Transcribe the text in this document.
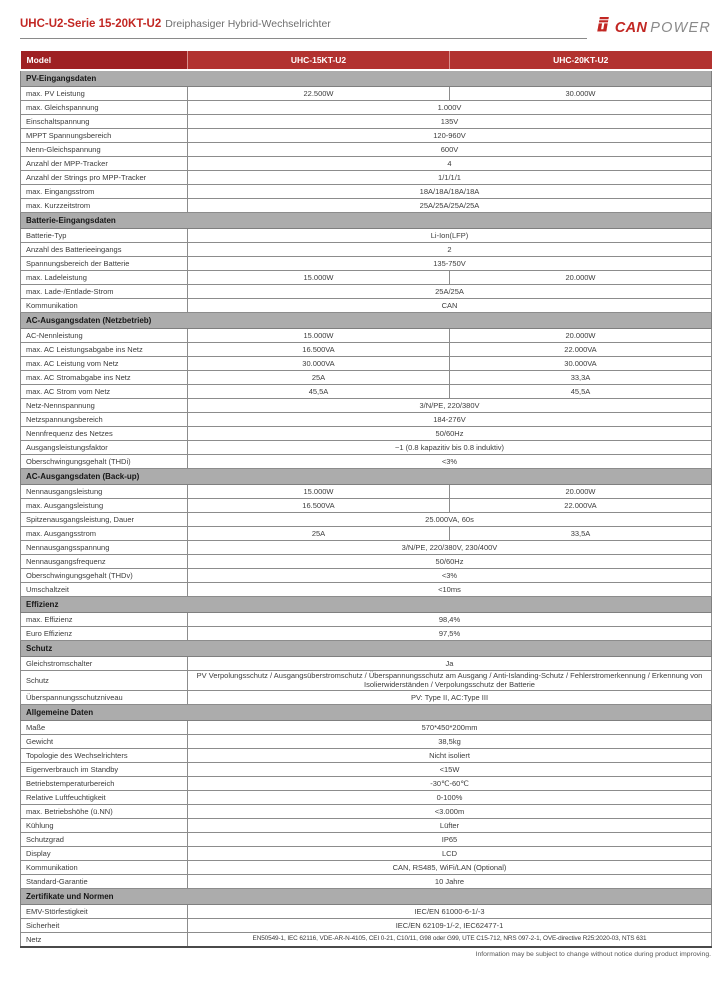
UHC-U2-Serie 15-20KT-U2 Dreiphasiger Hybrid-Wechselrichter	CAN POWER
Model	UHC-15KT-U2	UHC-20KT-U2
PV-Eingangsdaten		
max. PV Leistung	22.500W	30.000W
max. Gleichspannung	1.000V	
Einschaltspannung	135V	
MPPT Spannungsbereich	120-960V	
Nenn-Gleichspannung	600V	
Anzahl der MPP-Tracker	4	
Anzahl der Strings pro MPP-Tracker	1/1/1/1	
max. Eingangsstrom	18A/18A/18A/18A	
max. Kurzzeitstrom	25A/25A/25A/25A	
Batterie-Eingangsdaten		
Batterie-Typ	Li-Ion(LFP)	
Anzahl des Batterieeingangs	2	
Spannungsbereich der Batterie	135-750V	
max. Ladeleistung	15.000W	20.000W
max. Lade-/Entlade-Strom	25A/25A	
Kommunikation	CAN	
AC-Ausgangsdaten (Netzbetrieb)		
AC-Nennleistung	15.000W	20.000W
max. AC Leistungsabgabe ins Netz	16.500VA	22.000VA
max. AC Leistung vom Netz	30.000VA	30.000VA
max. AC Stromabgabe ins Netz	25A	33,3A
max. AC Strom vom Netz	45,5A	45,5A
Netz-Nennspannung	3/N/PE, 220/380V	
Netzspannungsbereich	184-276V	
Nennfrequenz des Netzes	50/60Hz	
Ausgangsleistungsfaktor	~1 (0.8 kapazitiv bis 0.8 induktiv)	
Oberschwingungsgehalt (THDi)	<3%	
AC-Ausgangsdaten (Back-up)		
Nennausgangsleistung	15.000W	20.000W
max. Ausgangsleistung	16.500VA	22.000VA
Spitzenausgangsleistung, Dauer	25.000VA, 60s	
max. Ausgangsstrom	25A	33,5A
Nennausgangsspannung	3/N/PE, 220/380V, 230/400V	
Nennausgangsfrequenz	50/60Hz	
Oberschwingungsgehalt (THDv)	<3%	
Umschaltzeit	<10ms	
Effizienz		
max. Effizienz	98,4%	
Euro Effizienz	97,5%	
Schutz		
Gleichstromschalter	Ja	
Schutz	PV Verpolungsschutz / Ausgangsüberstromschutz / Überspannungsschutz am Ausgang / Anti-Islanding-Schutz / Fehlerstromerkennung / Erkennung von Isolierwiderständen / Verpolungsschutz der Batterie	
Überspannungsschutzniveau	PV: Type II, AC:Type III	
Allgemeine Daten		
Maße	570*450*200mm	
Gewicht	38,5kg	
Topologie des Wechselrichters	Nicht isoliert	
Eigenverbrauch im Standby	<15W	
Betriebstemperaturbereich	-30℃-60℃	
Relative Luftfeuchtigkeit	0-100%	
max. Betriebshöhe (ü.NN)	<3.000m	
Kühlung	Lüfter	
Schutzgrad	IP65	
Display	LCD	
Kommunikation	CAN, RS485, WiFi/LAN (Optional)	
Standard-Garantie	10 Jahre	
Zertifikate und Normen		
EMV-Störfestigkeit	IEC/EN 61000-6-1/-3	
Sicherheit	IEC/EN 62109-1/-2, IEC62477-1	
Netz	EN50549-1, IEC 62116, VDE-AR-N-4105, CEI 0-21, C10/11, G98 oder G99, UTE C15-712, NRS 097-2-1, OVE-directive R25:2020-03, NTS 631	
Information may be subject to change without notice during product improving.
